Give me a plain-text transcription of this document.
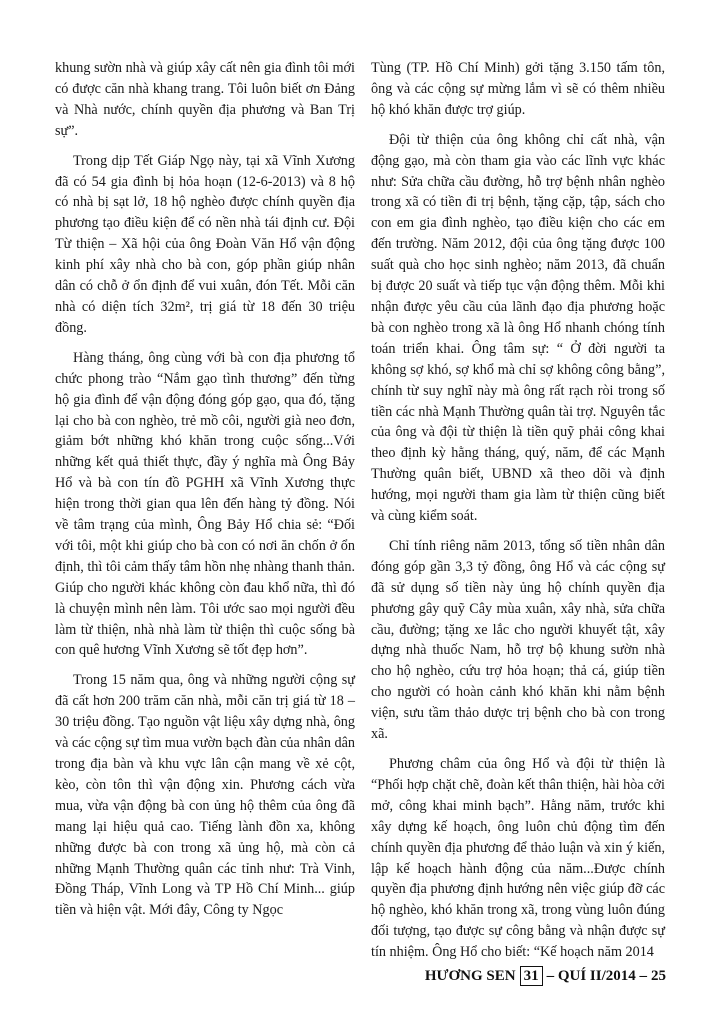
khung sườn nhà và giúp xây cất nên gia đình tôi mới có được căn nhà khang trang. Tôi luôn biết ơn Đảng và Nhà nước, chính quyền địa phương và Ban Trị sự”.

Trong dịp Tết Giáp Ngọ này, tại xã Vĩnh Xương đã có 54 gia đình bị hỏa hoạn (12-6-2013) và 8 hộ có nhà bị sạt lở, 18 hộ nghèo được chính quyền địa phương tạo điều kiện để có nền nhà tái định cư. Đội Từ thiện – Xã hội của ông Đoàn Văn Hổ vận động kinh phí xây nhà cho bà con, góp phần giúp nhân dân có chỗ ở ổn định để vui xuân, đón Tết. Mỗi căn nhà có diện tích 32m², trị giá từ 18 đến 30 triệu đồng.

Hàng tháng, ông cùng với bà con địa phương tổ chức phong trào “Nắm gạo tình thương” đến từng hộ gia đình để vận động đóng góp gạo, qua đó, tặng lại cho bà con nghèo, trẻ mồ côi, người già neo đơn, giảm bớt những khó khăn trong cuộc sống...Với những kết quả thiết thực, đầy ý nghĩa mà Ông Bảy Hổ và bà con tín đồ PGHH xã Vĩnh Xương thực hiện trong thời gian qua lên đến hàng tỷ đồng. Nói về tâm trạng của mình, Ông Bảy Hổ chia sẻ: “Đối với tôi, một khi giúp cho bà con có nơi ăn chốn ở ổn định, thì tôi cảm thấy tâm hồn nhẹ nhàng thanh thản. Giúp cho người khác không còn đau khổ nữa, thì đó là chuyện mình nên làm. Tôi ước sao mọi người đều làm từ thiện, nhà nhà làm từ thiện thì cuộc sống bà con quê hương Vĩnh Xương sẽ tốt đẹp hơn”.

Trong 15 năm qua, ông và những người cộng sự đã cất hơn 200 trăm căn nhà, mỗi căn trị giá từ 18 – 30 triệu đồng. Tạo nguồn vật liệu xây dựng nhà, ông và các cộng sự tìm mua vườn bạch đàn của nhân dân trong địa bàn và khu vực lân cận mang về xẻ cột, kèo, còn tôn thì vận động xin. Phương cách vừa mua, vừa vận động bà con ủng hộ thêm của ông đã mang lại hiệu quả cao. Tiếng lành đồn xa, không những được bà con trong xã ủng hộ, mà còn cả những Mạnh Thường quân các tỉnh như: Trà Vinh, Đồng Tháp, Vĩnh Long và TP Hồ Chí Minh... giúp tiền và hiện vật. Mới đây, Công ty Ngọc

Tùng (TP. Hồ Chí Minh) gởi tặng 3.150 tấm tôn, ông và các cộng sự mừng lắm vì sẽ có thêm nhiều hộ khó khăn được trợ giúp.

Đội từ thiện của ông không chỉ cất nhà, vận động gạo, mà còn tham gia vào các lĩnh vực khác như: Sửa chữa cầu đường, hỗ trợ bệnh nhân nghèo trong xã có tiền đi trị bệnh, tặng cặp, tập, sách cho con em gia đình nghèo, tạo điều kiện cho các em đến trường. Năm 2012, đội của ông tặng được 100 suất quà cho học sinh nghèo; năm 2013, đã chuẩn bị được 20 suất và tiếp tục vận động thêm. Mỗi khi nhận được yêu cầu của lãnh đạo địa phương hoặc bà con nghèo trong xã là ông Hổ nhanh chóng tính toán triển khai. Ông tâm sự: “ Ở đời người ta không sợ khó, sợ khổ mà chỉ sợ không công bằng”, chính từ suy nghĩ này mà ông rất rạch ròi trong số tiền các nhà Mạnh Thường quân tài trợ. Nguyên tắc của ông và đội từ thiện là tiền quỹ phải công khai theo định kỳ hằng tháng, quý, năm, để các Mạnh Thường quân biết, UBND xã theo dõi và định hướng, mọi người tham gia làm từ thiện cũng biết và cùng kiểm soát.

Chỉ tính riêng năm 2013, tổng số tiền nhân dân đóng góp gần 3,3 tỷ đồng, ông Hổ và các cộng sự đã sử dụng số tiền này ủng hộ chính quyền địa phương gây quỹ Cây mùa xuân, xây nhà, sửa chữa cầu, đường; tặng xe lắc cho người khuyết tật, xây dựng nhà thuốc Nam, hỗ trợ bộ khung sườn nhà cho hộ nghèo, cứu trợ hỏa hoạn; thả cá, giúp tiền cho người có hoàn cảnh khó khăn khi nằm bệnh viện, sưu tầm thảo dược trị bệnh cho bà con trong xã.

Phương châm của ông Hổ và đội từ thiện là “Phối hợp chặt chẽ, đoàn kết thân thiện, hài hòa cởi mở, công khai minh bạch”. Hằng năm, trước khi xây dựng kế hoạch, ông luôn chủ động tìm đến chính quyền địa phương để thảo luận và xin ý kiến, lập kế hoạch hành động của năm...Được chính quyền địa phương định hướng nên việc giúp đỡ các hộ nghèo, khó khăn trong xã, trong vùng luôn đúng đối tượng, tạo được sự công bằng và nhận được sự tín nhiệm. Ông Hổ cho biết: “Kế hoạch năm 2014

HƯƠNG SEN 31 – QUÍ II/2014 – 25
